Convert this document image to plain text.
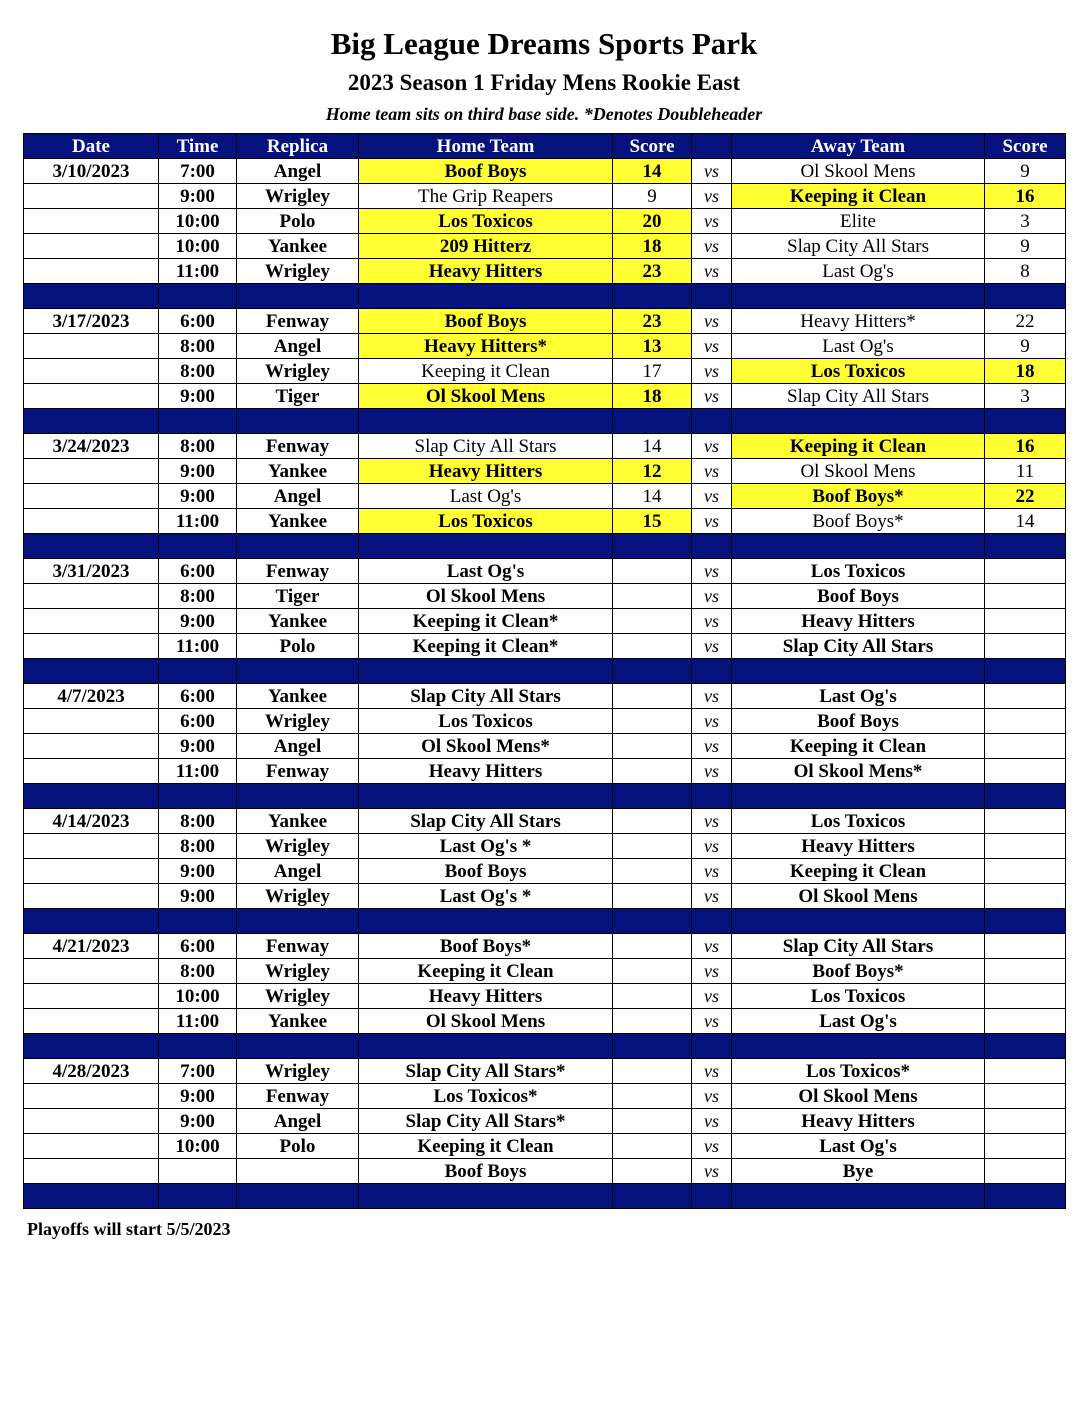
Big League Dreams Sports Park
2023 Season 1 Friday Mens Rookie East
Home team sits on third base side. *Denotes Doubleheader
Date	Time	Replica	Home Team	Score		Away Team	Score
3/10/2023	7:00	Angel	Boof Boys	14	vs	Ol Skool Mens	9
	9:00	Wrigley	The Grip Reapers	9	vs	Keeping it Clean	16
	10:00	Polo	Los Toxicos	20	vs	Elite	3
	10:00	Yankee	209 Hitterz	18	vs	Slap City All Stars	9
	11:00	Wrigley	Heavy Hitters	23	vs	Last Og's	8

3/17/2023	6:00	Fenway	Boof Boys	23	vs	Heavy Hitters*	22
	8:00	Angel	Heavy Hitters*	13	vs	Last Og's	9
	8:00	Wrigley	Keeping it Clean	17	vs	Los Toxicos	18
	9:00	Tiger	Ol Skool Mens	18	vs	Slap City All Stars	3

3/24/2023	8:00	Fenway	Slap City All Stars	14	vs	Keeping it Clean	16
	9:00	Yankee	Heavy Hitters	12	vs	Ol Skool Mens	11
	9:00	Angel	Last Og's	14	vs	Boof Boys*	22
	11:00	Yankee	Los Toxicos	15	vs	Boof Boys*	14

3/31/2023	6:00	Fenway	Last Og's		vs	Los Toxicos	
	8:00	Tiger	Ol Skool Mens		vs	Boof Boys	
	9:00	Yankee	Keeping it Clean*		vs	Heavy Hitters	
	11:00	Polo	Keeping it Clean*		vs	Slap City All Stars	

4/7/2023	6:00	Yankee	Slap City All Stars		vs	Last Og's	
	6:00	Wrigley	Los Toxicos		vs	Boof Boys	
	9:00	Angel	Ol Skool Mens*		vs	Keeping it Clean	
	11:00	Fenway	Heavy Hitters		vs	Ol Skool Mens*	

4/14/2023	8:00	Yankee	Slap City All Stars		vs	Los Toxicos	
	8:00	Wrigley	Last Og's *		vs	Heavy Hitters	
	9:00	Angel	Boof Boys		vs	Keeping it Clean	
	9:00	Wrigley	Last Og's *		vs	Ol Skool Mens	

4/21/2023	6:00	Fenway	Boof Boys*		vs	Slap City All Stars	
	8:00	Wrigley	Keeping it Clean		vs	Boof Boys*	
	10:00	Wrigley	Heavy Hitters		vs	Los Toxicos	
	11:00	Yankee	Ol Skool Mens		vs	Last Og's	

4/28/2023	7:00	Wrigley	Slap City All Stars*		vs	Los Toxicos*	
	9:00	Fenway	Los Toxicos*		vs	Ol Skool Mens	
	9:00	Angel	Slap City All Stars*		vs	Heavy Hitters	
	10:00	Polo	Keeping it Clean		vs	Last Og's	
			Boof Boys		vs	Bye	

Playoffs will start 5/5/2023
